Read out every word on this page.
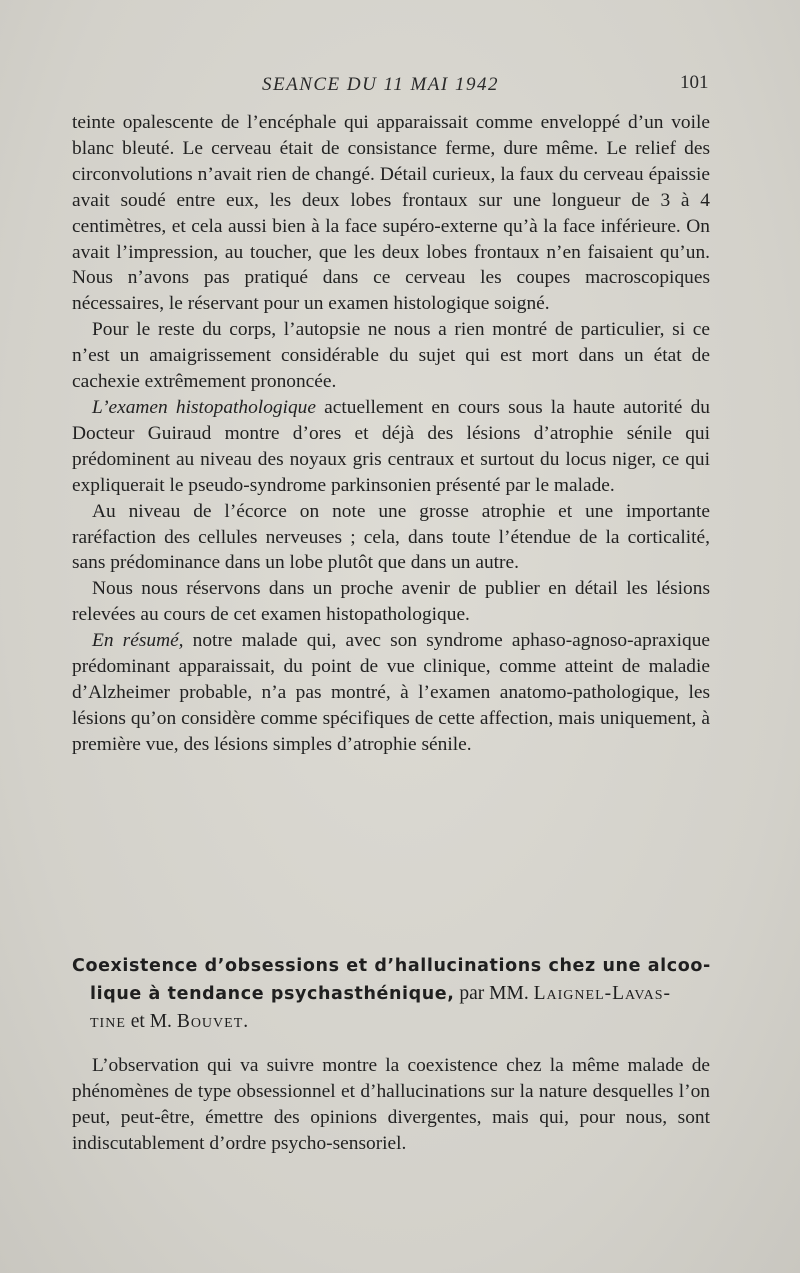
SEANCE DU 11 MAI 1942	101

teinte opalescente de l’encéphale qui apparaissait comme enveloppé d’un voile blanc bleuté. Le cerveau était de consistance ferme, dure même. Le relief des circonvolutions n’avait rien de changé. Détail curieux, la faux du cerveau épaissie avait soudé entre eux, les deux lobes frontaux sur une longueur de 3 à 4 centimètres, et cela aussi bien à la face supéro-externe qu’à la face inférieure. On avait l’impression, au toucher, que les deux lobes frontaux n’en faisaient qu’un. Nous n’avons pas pratiqué dans ce cerveau les coupes macroscopiques nécessaires, le réservant pour un examen histologique soigné.

Pour le reste du corps, l’autopsie ne nous a rien montré de particulier, si ce n’est un amaigrissement considérable du sujet qui est mort dans un état de cachexie extrêmement prononcée.

L’examen histopathologique actuellement en cours sous la haute autorité du Docteur Guiraud montre d’ores et déjà des lésions d’atrophie sénile qui prédominent au niveau des noyaux gris centraux et surtout du locus niger, ce qui expliquerait le pseudo-syndrome parkinsonien présenté par le malade.

Au niveau de l’écorce on note une grosse atrophie et une importante raréfaction des cellules nerveuses ; cela, dans toute l’étendue de la corticalité, sans prédominance dans un lobe plutôt que dans un autre.

Nous nous réservons dans un proche avenir de publier en détail les lésions relevées au cours de cet examen histopathologique.

En résumé, notre malade qui, avec son syndrome aphaso-agnoso-apraxique prédominant apparaissait, du point de vue clinique, comme atteint de maladie d’Alzheimer probable, n’a pas montré, à l’examen anatomo-pathologique, les lésions qu’on considère comme spécifiques de cette affection, mais uniquement, à première vue, des lésions simples d’atrophie sénile.

Coexistence d’obsessions et d’hallucinations chez une alcoo-
lique à tendance psychasthénique, par MM. Laignel-Lavas-
tine et M. Bouvet.

L’observation qui va suivre montre la coexistence chez la même malade de phénomènes de type obsessionnel et d’hallucinations sur la nature desquelles l’on peut, peut-être, émettre des opinions divergentes, mais qui, pour nous, sont indiscutablement d’ordre psycho-sensoriel.
